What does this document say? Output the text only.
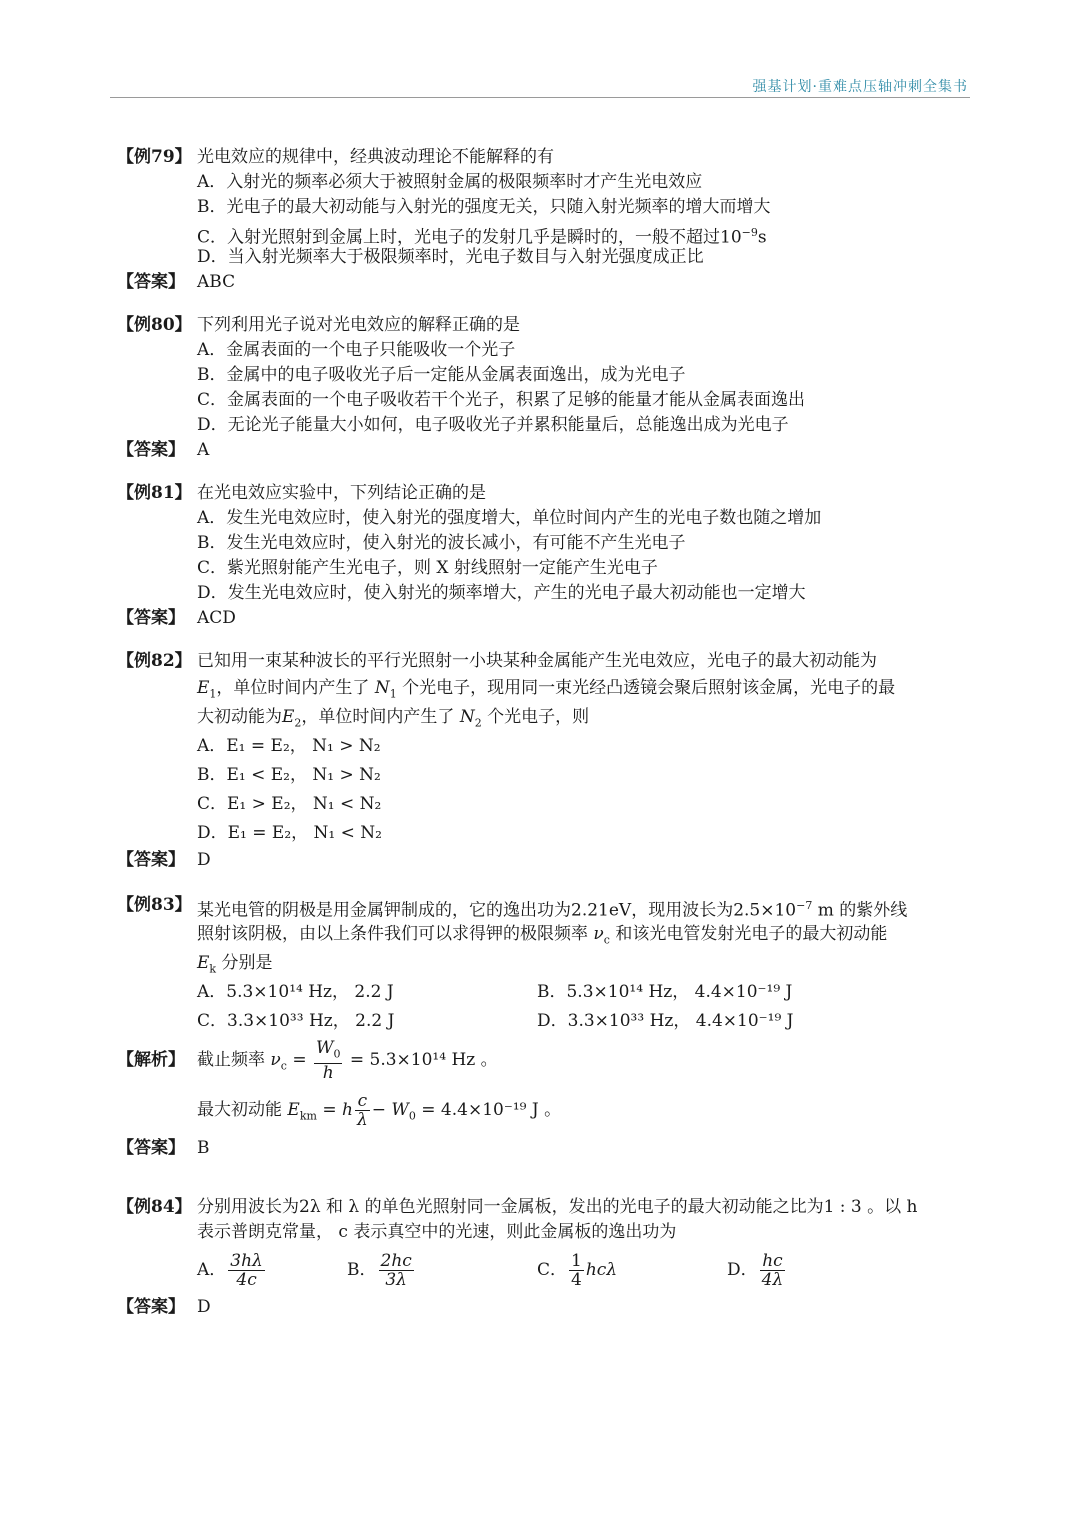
强基计划·重难点压轴冲刺全集书
【例79】 光电效应的规律中，经典波动理论不能解释的有
A．入射光的频率必须大于被照射金属的极限频率时才产生光电效应
B．光电子的最大初动能与入射光的强度无关，只随入射光频率的增大而增大
C．入射光照射到金属上时，光电子的发射几乎是瞬时的，一般不超过$10^{-9}s$
D．当入射光频率大于极限频率时，光电子数目与入射光强度成正比
【答案】 ABC
【例80】 下列利用光子说对光电效应的解释正确的是
A．金属表面的一个电子只能吸收一个光子
B．金属中的电子吸收光子后一定能从金属表面逸出，成为光电子
C．金属表面的一个电子吸收若干个光子，积累了足够的能量才能从金属表面逸出
D．无论光子能量大小如何，电子吸收光子并累积能量后，总能逸出成为光电子
【答案】 A
【例81】 在光电效应实验中，下列结论正确的是
A．发生光电效应时，使入射光的强度增大，单位时间内产生的光电子数也随之增加
B．发生光电效应时，使入射光的波长减小，有可能不产生光电子
C．紫光照射能产生光电子，则 X 射线照射一定能产生光电子
D．发生光电效应时，使入射光的频率增大，产生的光电子最大初动能也一定增大
【答案】 ACD
【例82】 已知用一束某种波长的平行光照射一小块某种金属能产生光电效应，光电子的最大初动能为
$E_1$，单位时间内产生了 $N_1$ 个光电子，现用同一束光经凸透镜会聚后照射该金属，光电子的最
大初动能为$E_2$，单位时间内产生了 $N_2$ 个光电子，则
A．E₁ = E₂， N₁ > N₂
B．E₁ < E₂， N₁ > N₂
C．E₁ > E₂， N₁ < N₂
D．E₁ = E₂， N₁ < N₂
【答案】 D
【例83】 某光电管的阴极是用金属钾制成的，它的逸出功为2.21eV，现用波长为$2.5\times 10^{-7}$ m 的紫外线
照射该阴极，由以上条件我们可以求得钾的极限频率 $\nu_c$ 和该光电管发射光电子的最大初动能
$E_k$ 分别是
A．5.3×10¹⁴ Hz， 2.2 J	B．5.3×10¹⁴ Hz， 4.4×10⁻¹⁹ J
C．3.3×10³³ Hz， 2.2 J	D．3.3×10³³ Hz， 4.4×10⁻¹⁹ J
【解析】 截止频率 $\nu_c = \frac{W_0}{h} = 5.3\times 10^{14}$ Hz 。
最大初动能 $E_{km} = h \frac{c}{\lambda} - W_0 = 4.4\times 10^{-19}$ J 。
【答案】 B
【例84】 分别用波长为2λ 和 λ 的单色光照射同一金属板，发出的光电子的最大初动能之比为1 : 3 。以 h
表示普朗克常量， c 表示真空中的光速，则此金属板的逸出功为
A． $\frac{3h\lambda}{4c}$	B． $\frac{2hc}{3\lambda}$	C． $\frac{1}{4}$ hcλ	D． $\frac{hc}{4\lambda}$
【答案】 D
